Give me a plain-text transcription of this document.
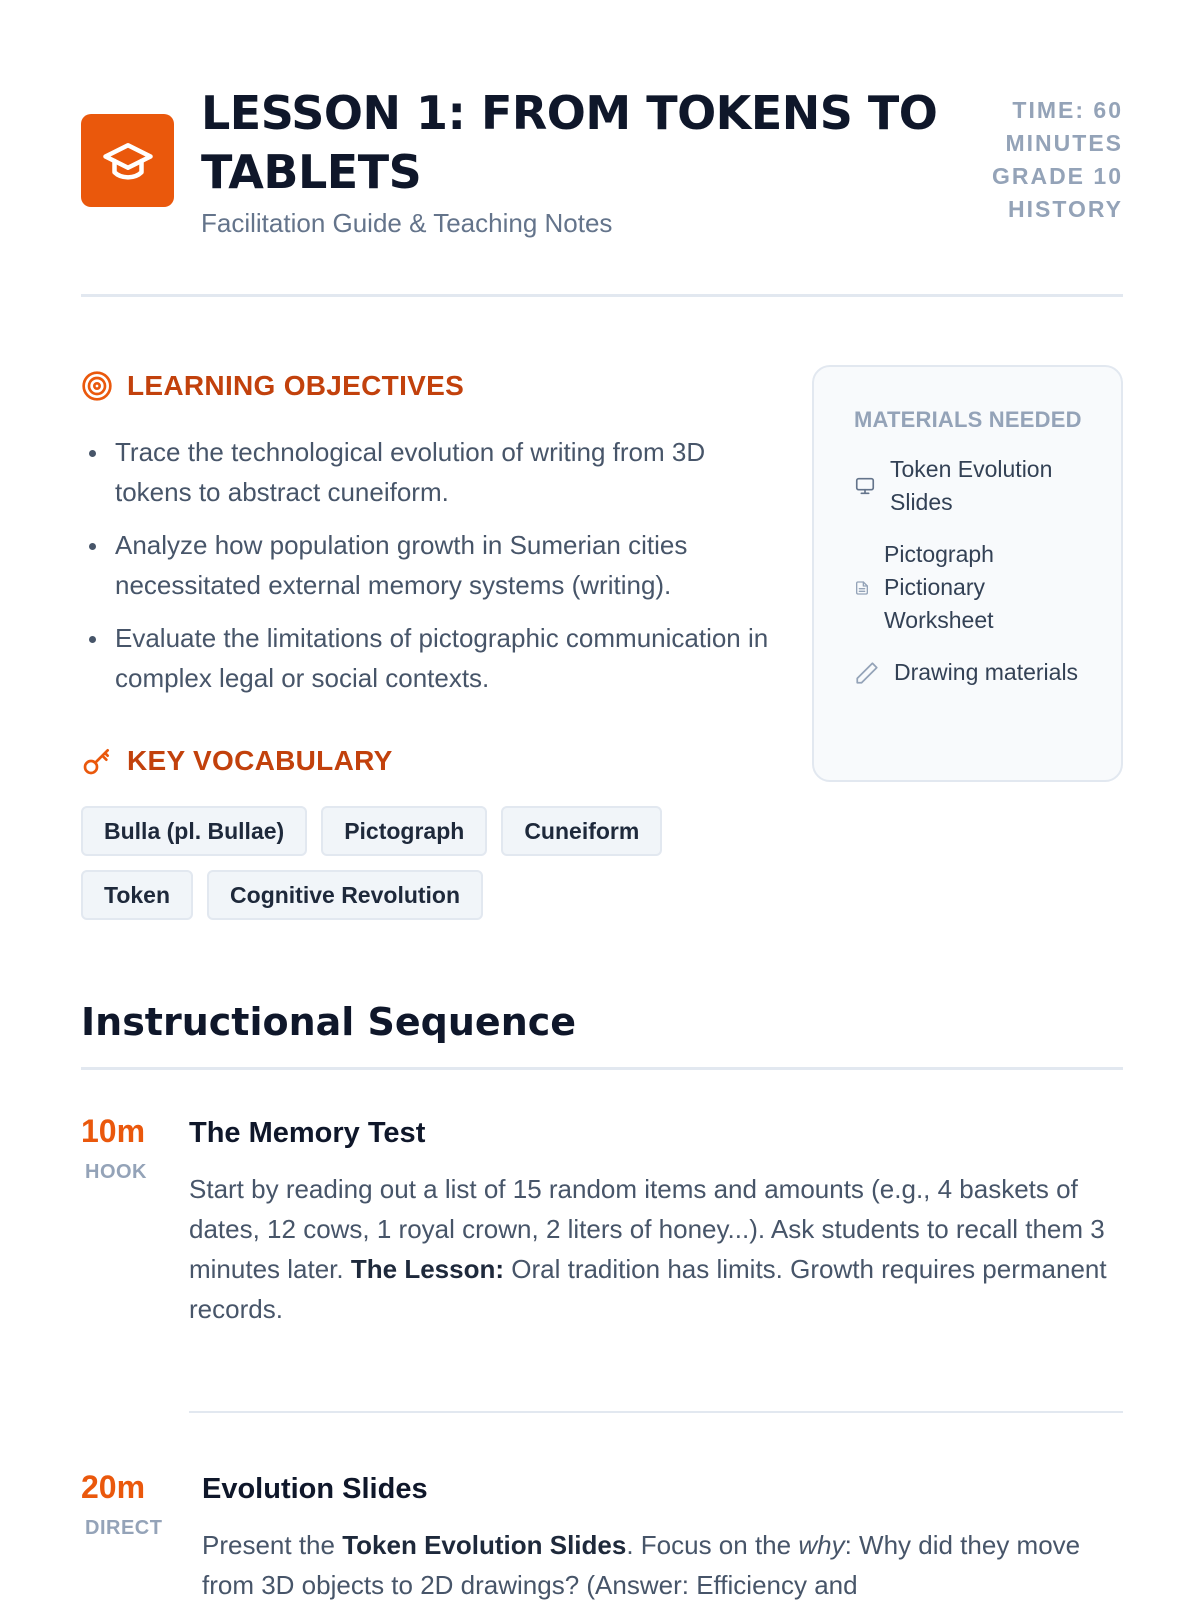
LESSON 1: FROM TOKENS TO TABLETS
Facilitation Guide & Teaching Notes
TIME: 60 MINUTES
GRADE 10 HISTORY
LEARNING OBJECTIVES
Trace the technological evolution of writing from 3D tokens to abstract cuneiform.
Analyze how population growth in Sumerian cities necessitated external memory systems (writing).
Evaluate the limitations of pictographic communication in complex legal or social contexts.
MATERIALS NEEDED
Token Evolution Slides
Pictograph Pictionary Worksheet
Drawing materials
KEY VOCABULARY
Bulla (pl. Bullae)	Pictograph	Cuneiform
Token	Cognitive Revolution
Instructional Sequence
10m
HOOK
The Memory Test

Start by reading out a list of 15 random items and amounts (e.g., 4 baskets of dates, 12 cows, 1 royal crown, 2 liters of honey...). Ask students to recall them 3 minutes later. The Lesson: Oral tradition has limits. Growth requires permanent records.

20m
DIRECT
Evolution Slides

Present the Token Evolution Slides. Focus on the why: Why did they move from 3D objects to 2D drawings? (Answer: Efficiency and
